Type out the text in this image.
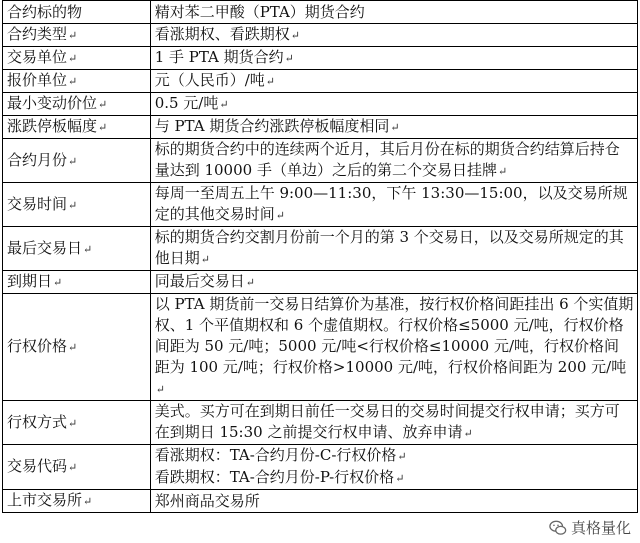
合约标的物	精对苯二甲酸（PTA）期货合约
合约类型↵	看涨期权、看跌期权↵
交易单位↵	1 手 PTA 期货合约↵
报价单位↵	元（人民币）/吨↵
最小变动价位↵	0.5 元/吨↵
涨跌停板幅度↵	与 PTA 期货合约涨跌停板幅度相同↵
合约月份↵	标的期货合约中的连续两个近月，其后月份在标的期货合约结算后持仓量达到 10000 手（单边）之后的第二个交易日挂牌↵
交易时间↵	每周一至周五上午 9:00—11:30，下午 13:30—15:00，以及交易所规定的其他交易时间↵
最后交易日↵	标的期货合约交割月份前一个月的第 3 个交易日，以及交易所规定的其他日期↵
到期日↵	同最后交易日↵
行权价格↵	以 PTA 期货前一交易日结算价为基准，按行权价格间距挂出 6 个实值期权、1 个平值期权和 6 个虚值期权。行权价格≤5000 元/吨，行权价格间距为 50 元/吨；5000 元/吨<行权价格≤10000 元/吨，行权价格间距为 100 元/吨；行权价格>10000 元/吨，行权价格间距为 200 元/吨↵
行权方式↵	美式。买方可在到期日前任一交易日的交易时间提交行权申请；买方可在到期日 15:30 之前提交行权申请、放弃申请↵
交易代码↵	看涨期权：TA-合约月份-C-行权价格↵
看跌期权：TA-合约月份-P-行权价格↵

上市交易所↵	郑州商品交易所
真格量化
